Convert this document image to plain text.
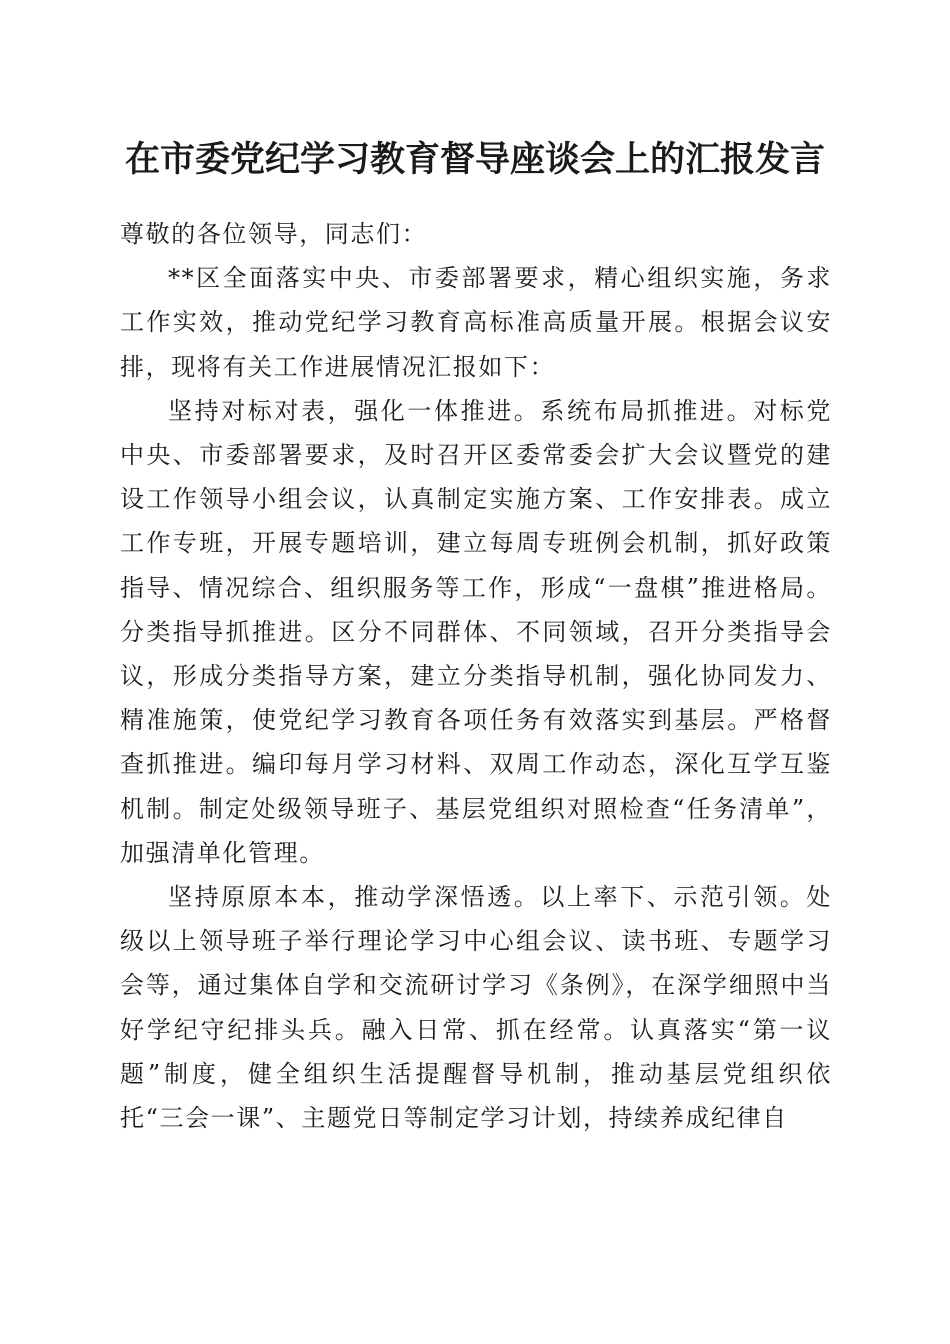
在市委党纪学习教育督导座谈会上的汇报发言

尊敬的各位领导，同志们：

**区全面落实中央、市委部署要求，精心组织实施，务求工作实效，推动党纪学习教育高标准高质量开展。根据会议安排，现将有关工作进展情况汇报如下：

坚持对标对表，强化一体推进。系统布局抓推进。对标党中央、市委部署要求，及时召开区委常委会扩大会议暨党的建设工作领导小组会议，认真制定实施方案、工作安排表。成立工作专班，开展专题培训，建立每周专班例会机制，抓好政策指导、情况综合、组织服务等工作，形成“一盘棋”推进格局。分类指导抓推进。区分不同群体、不同领域，召开分类指导会议，形成分类指导方案，建立分类指导机制，强化协同发力、精准施策，使党纪学习教育各项任务有效落实到基层。严格督查抓推进。编印每月学习材料、双周工作动态，深化互学互鉴机制。制定处级领导班子、基层党组织对照检查“任务清单”，加强清单化管理。

坚持原原本本，推动学深悟透。以上率下、示范引领。处级以上领导班子举行理论学习中心组会议、读书班、专题学习会等，通过集体自学和交流研讨学习《条例》，在深学细照中当好学纪守纪排头兵。融入日常、抓在经常。认真落实“第一议题”制度，健全组织生活提醒督导机制，推动基层党组织依托“三会一课”、主题党日等制定学习计划，持续养成纪律自
